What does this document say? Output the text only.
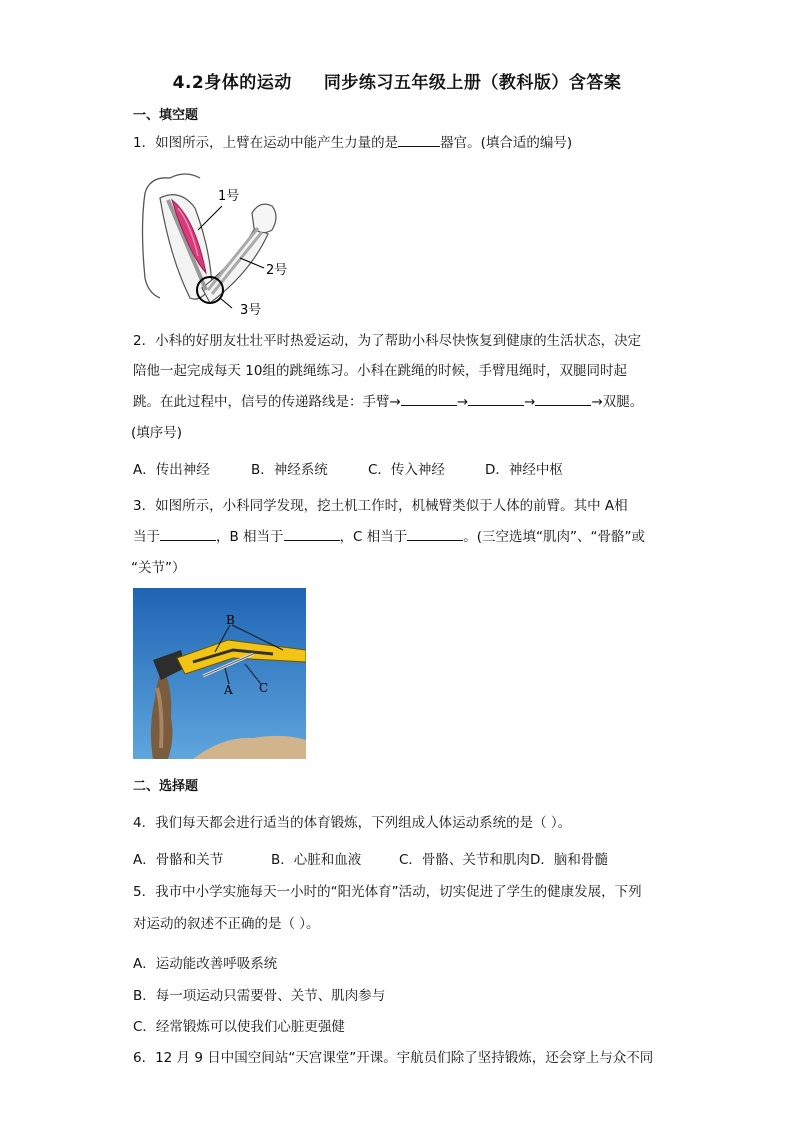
4.2身体的运动     同步练习五年级上册（教科版）含答案
一、填空题
1．如图所示，上臂在运动中能产生力量的是	器官。(填合适的编号)
1号
2号
3号
2．小科的好朋友壮壮平时热爱运动，为了帮助小科尽快恢复到健康的生活状态，决定
陪他一起完成每天 10组的跳绳练习。小科在跳绳的时候，手臂甩绳时，双腿同时起
跳。在此过程中，信号的传递路线是：手臂→	→	→	→双腿。
(填序号)
A．传出神经	B．神经系统	C．传入神经	D．神经中枢
3．如图所示，小科同学发现，挖土机工作时，机械臂类似于人体的前臂。其中 A相
当于	，B 相当于	，C 相当于	。(三空选填“肌肉”、“骨骼”或
“关节”）
B
A C
二、选择题
4．我们每天都会进行适当的体育锻炼，下列组成人体运动系统的是（ ）。
A．骨骼和关节	B．心脏和血液	C．骨骼、关节和肌肉D．脑和骨髓
5．我市中小学实施每天一小时的“阳光体育”活动，切实促进了学生的健康发展，下列
对运动的叙述不正确的是（ ）。
A．运动能改善呼吸系统
B．每一项运动只需要骨、关节、肌肉参与
C．经常锻炼可以使我们心脏更强健
6．12 月 9 日中国空间站“天宫课堂”开课。宇航员们除了坚持锻炼，还会穿上与众不同
